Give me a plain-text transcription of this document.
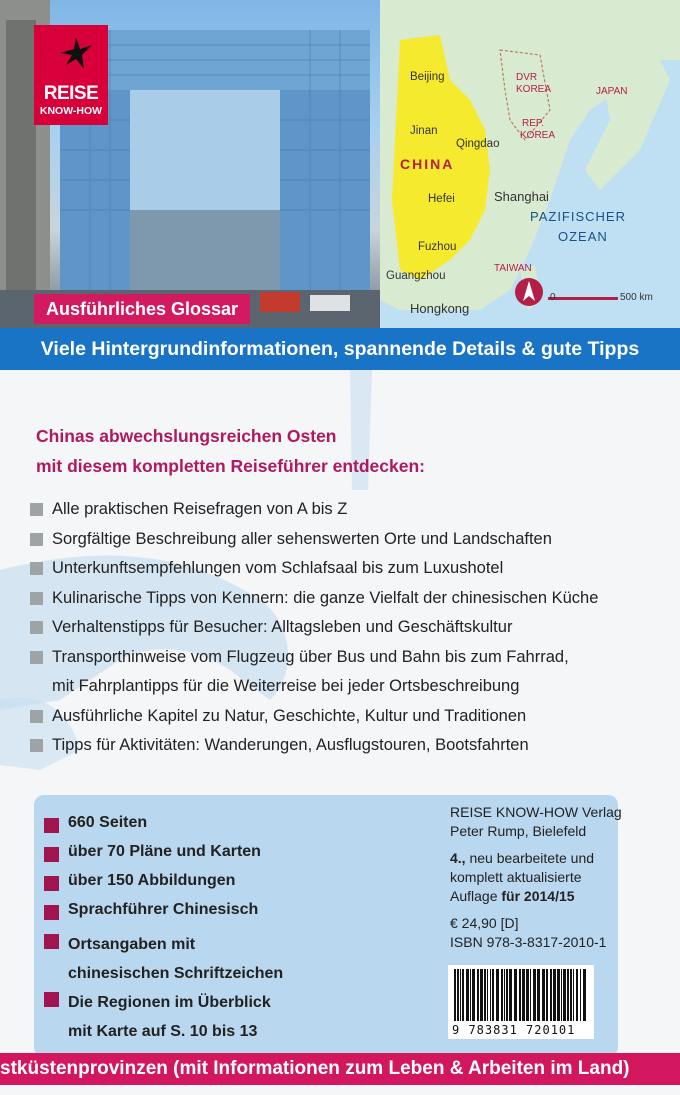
REISE
KNOW-HOW
Beijing
Jinan
Qingdao
Hefei	Shanghai
Fuzhou
Guangzhou
Hongkong
CHINA
DVR
KOREA
REP.
KOREA
JAPAN
TAIWAN
PAZIFISCHER
OZEAN
0	500 km
Ausführliches Glossar
Viele Hintergrundinformationen, spannende Details & gute Tipps
Chinas abwechslungsreichen Osten
mit diesem kompletten Reiseführer entdecken:
Alle praktischen Reisefragen von A bis Z
Sorgfältige Beschreibung aller sehenswerten Orte und Landschaften
Unterkunftsempfehlungen vom Schlafsaal bis zum Luxushotel
Kulinarische Tipps von Kennern: die ganze Vielfalt der chinesischen Küche
Verhaltenstipps für Besucher: Alltagsleben und Geschäftskultur
Transporthinweise vom Flugzeug über Bus und Bahn bis zum Fahrrad,
mit Fahrplantipps für die Weiterreise bei jeder Ortsbeschreibung
Ausführliche Kapitel zu Natur, Geschichte, Kultur und Traditionen
Tipps für Aktivitäten: Wanderungen, Ausflugstouren, Bootsfahrten
660 Seiten
über 70 Pläne und Karten
über 150 Abbildungen
Sprachführer Chinesisch
Ortsangaben mit
chinesischen Schriftzeichen
Die Regionen im Überblick
mit Karte auf S. 10 bis 13
REISE KNOW-HOW Verlag
Peter Rump, Bielefeld
4., neu bearbeitete und
komplett aktualisierte
Auflage für 2014/15
€ 24,90 [D]
ISBN 978-3-8317-2010-1
9 783831 720101
stküstenprovinzen (mit Informationen zum Leben & Arbeiten im Land)
